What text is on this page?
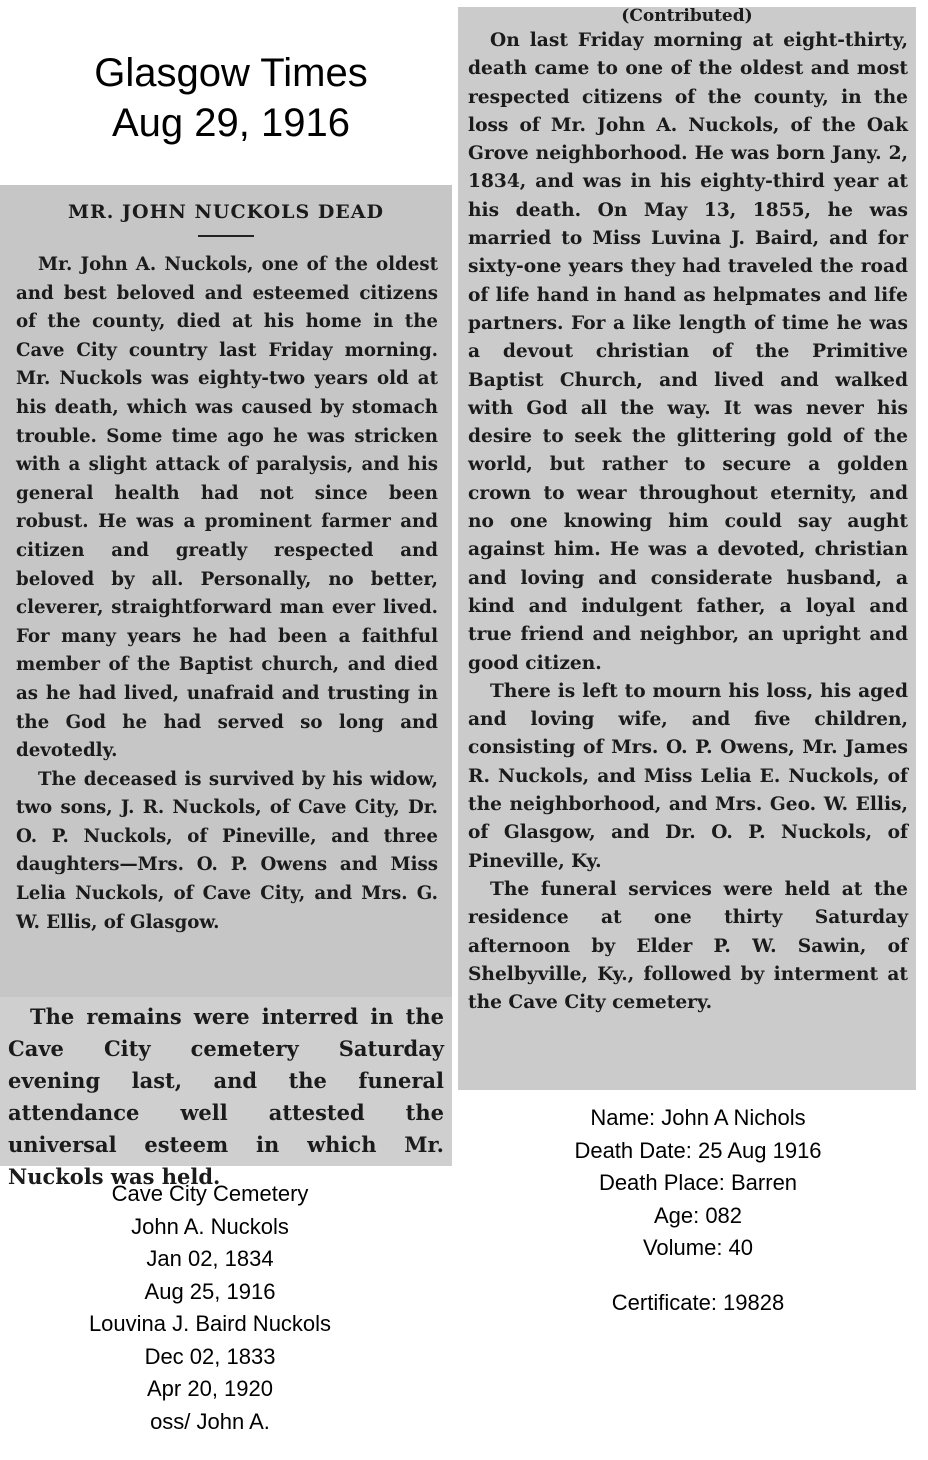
Glasgow Times
Aug 29, 1916
MR. JOHN NUCKOLS DEAD

Mr. John A. Nuckols, one of the oldest and best beloved and esteemed citizens of the county, died at his home in the Cave City country last Friday morning. Mr. Nuckols was eighty-two years old at his death, which was caused by stomach trouble. Some time ago he was stricken with a slight attack of paralysis, and his general health had not since been robust. He was a prominent farmer and citizen and greatly respected and beloved by all. Personally, no better, cleverer, straightforward man ever lived. For many years he had been a faithful member of the Baptist church, and died as he had lived, unafraid and trusting in the God he had served so long and devotedly.

The deceased is survived by his widow, two sons, J. R. Nuckols, of Cave City, Dr. O. P. Nuckols, of Pineville, and three daughters—Mrs. O. P. Owens and Miss Lelia Nuckols, of Cave City, and Mrs. G. W. Ellis, of Glasgow.

The remains were interred in the Cave City cemetery Saturday evening last, and the funeral attendance well attested the universal esteem in which Mr. Nuckols was held.

(Contributed)

On last Friday morning at eight-thirty, death came to one of the oldest and most respected citizens of the county, in the loss of Mr. John A. Nuckols, of the Oak Grove neighborhood. He was born Jany. 2, 1834, and was in his eighty-third year at his death. On May 13, 1855, he was married to Miss Luvina J. Baird, and for sixty-one years they had traveled the road of life hand in hand as helpmates and life partners. For a like length of time he was a devout christian of the Primitive Baptist Church, and lived and walked with God all the way. It was never his desire to seek the glittering gold of the world, but rather to secure a golden crown to wear throughout eternity, and no one knowing him could say aught against him. He was a devoted, christian and loving and considerate husband, a kind and indulgent father, a loyal and true friend and neighbor, an upright and good citizen.

There is left to mourn his loss, his aged and loving wife, and five children, consisting of Mrs. O. P. Owens, Mr. James R. Nuckols, and Miss Lelia E. Nuckols, of the neighborhood, and Mrs. Geo. W. Ellis, of Glasgow, and Dr. O. P. Nuckols, of Pineville, Ky.

The funeral services were held at the residence at one thirty Saturday afternoon by Elder P. W. Sawin, of Shelbyville, Ky., followed by interment at the Cave City cemetery.

Cave City Cemetery
John A. Nuckols
Jan 02, 1834
Aug 25, 1916
Louvina J. Baird Nuckols
Dec 02, 1833
Apr 20, 1920
oss/ John A.
Name: John A Nichols
Death Date: 25 Aug 1916
Death Place: Barren
Age: 082
Volume: 40
Certificate: 19828
